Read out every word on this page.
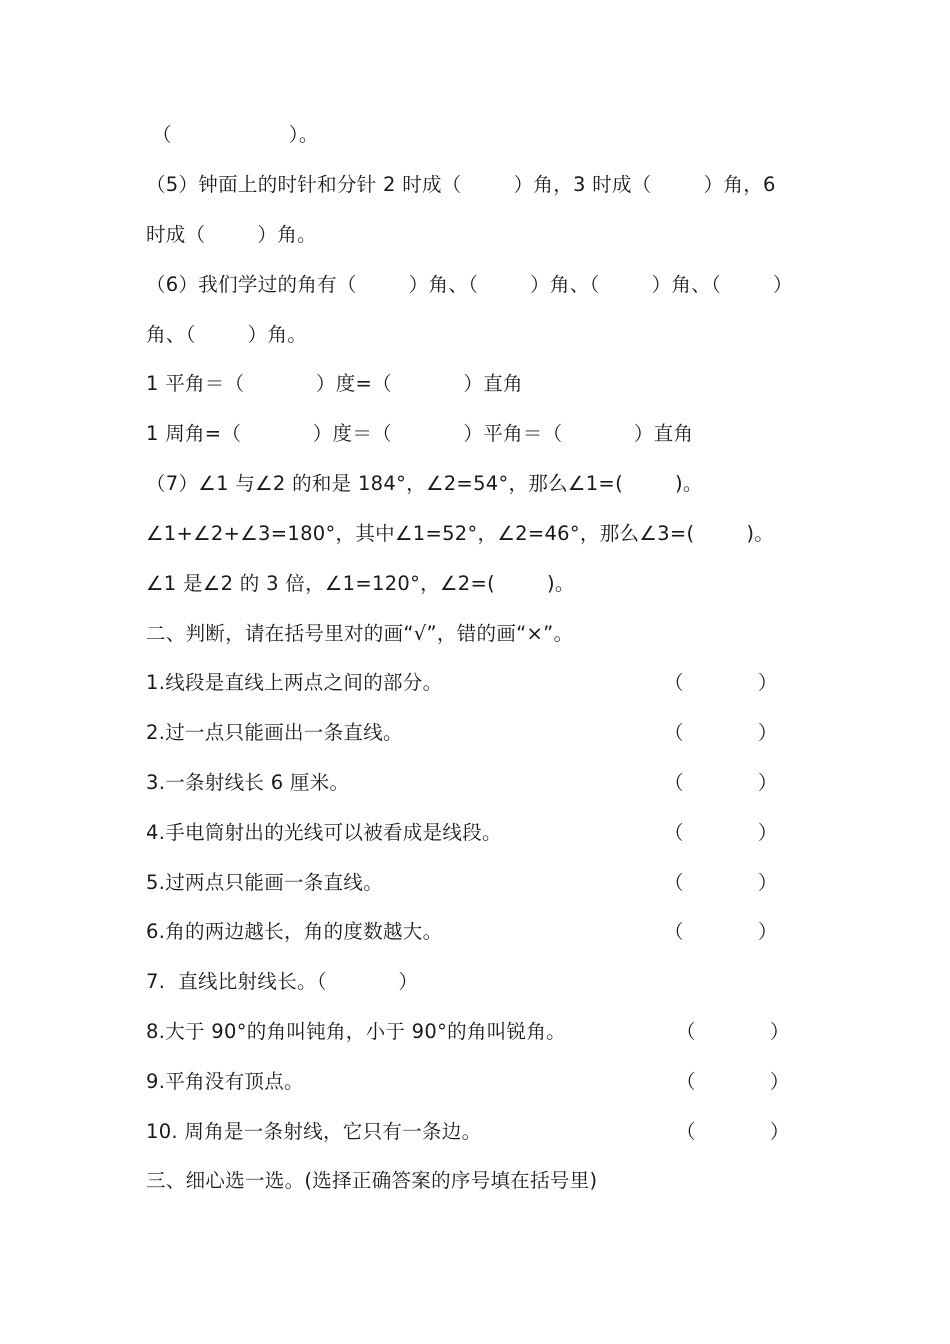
（                  ）。
（5）钟面上的时针和分针 2 时成（        ）角，3 时成（        ）角，6
时成（        ）角。
（6）我们学过的角有（        ）角、（        ）角、（        ）角、（        ）
角、（        ）角。
1 平角＝（           ）度=（           ）直角
1 周角=（           ）度＝（           ）平角＝（           ）直角
（7）∠1 与∠2 的和是 184°，∠2=54°，那么∠1=(        )。
∠1+∠2+∠3=180°，其中∠1=52°，∠2=46°，那么∠3=(        )。
∠1 是∠2 的 3 倍，∠1=120°，∠2=(        )。
二、判断，请在括号里对的画“√”，错的画“×”。
1.线段是直线上两点之间的部分。	（            ）
2.过一点只能画出一条直线。	（            ）
3.一条射线长 6 厘米。	（            ）
4.手电筒射出的光线可以被看成是线段。	（            ）
5.过两点只能画一条直线。	（            ）
6.角的两边越长，角的度数越大。	（            ）
7.  直线比射线长。（           ）
8.大于 90°的角叫钝角，小于 90°的角叫锐角。	（            ）
9.平角没有顶点。	（            ）
10. 周角是一条射线，它只有一条边。	（            ）
三、细心选一选。(选择正确答案的序号填在括号里)
